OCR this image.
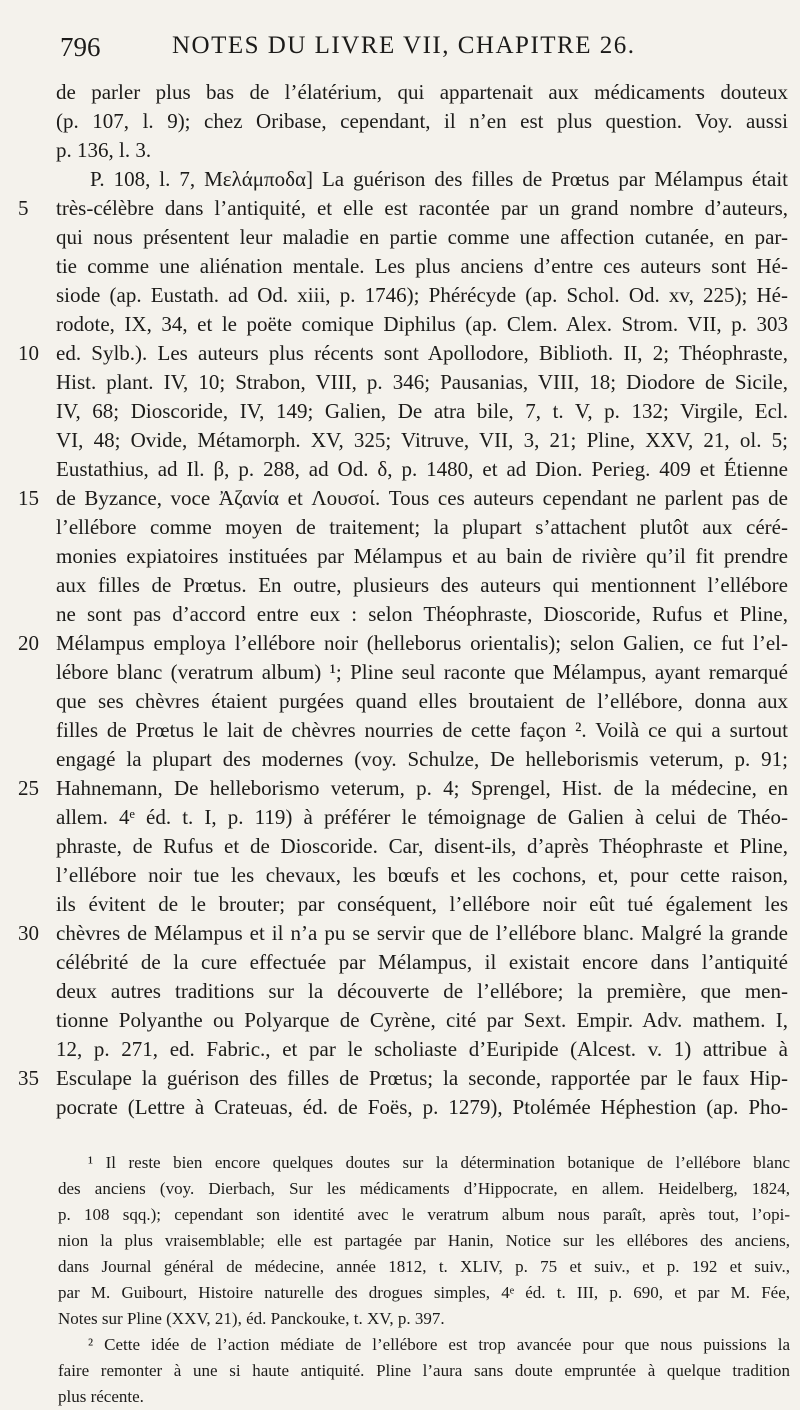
796	NOTES DU LIVRE VII, CHAPITRE 26.
de parler plus bas de l’élatérium, qui appartenait aux médicaments douteux
(p. 107, l. 9); chez Oribase, cependant, il n’en est plus question. Voy. aussi
p. 136, l. 3.
P. 108, l. 7, Μελάμποδα] La guérison des filles de Prœtus par Mélampus était
très-célèbre dans l’antiquité, et elle est racontée par un grand nombre d’auteurs,
qui nous présentent leur maladie en partie comme une affection cutanée, en par-
tie comme une aliénation mentale. Les plus anciens d’entre ces auteurs sont Hé-
siode (ap. Eustath. ad Od. xiii, p. 1746); Phérécyde (ap. Schol. Od. xv, 225); Hé-
rodote, IX, 34, et le poëte comique Diphilus (ap. Clem. Alex. Strom. VII, p. 303
ed. Sylb.). Les auteurs plus récents sont Apollodore, Biblioth. II, 2; Théophraste,
Hist. plant. IV, 10; Strabon, VIII, p. 346; Pausanias, VIII, 18; Diodore de Sicile,
IV, 68; Dioscoride, IV, 149; Galien, De atra bile, 7, t. V, p. 132; Virgile, Ecl.
VI, 48; Ovide, Métamorph. XV, 325; Vitruve, VII, 3, 21; Pline, XXV, 21, ol. 5;
Eustathius, ad Il. β, p. 288, ad Od. δ, p. 1480, et ad Dion. Perieg. 409 et Étienne
de Byzance, voce Ἀζανία et Λουσοί. Tous ces auteurs cependant ne parlent pas de
l’ellébore comme moyen de traitement; la plupart s’attachent plutôt aux céré-
monies expiatoires instituées par Mélampus et au bain de rivière qu’il fit prendre
aux filles de Prœtus. En outre, plusieurs des auteurs qui mentionnent l’ellébore
ne sont pas d’accord entre eux : selon Théophraste, Dioscoride, Rufus et Pline,
Mélampus employa l’ellébore noir (helleborus orientalis); selon Galien, ce fut l’el-
lébore blanc (veratrum album) ¹; Pline seul raconte que Mélampus, ayant remarqué
que ses chèvres étaient purgées quand elles broutaient de l’ellébore, donna aux
filles de Prœtus le lait de chèvres nourries de cette façon ². Voilà ce qui a surtout
engagé la plupart des modernes (voy. Schulze, De helleborismis veterum, p. 91;
Hahnemann, De helleborismo veterum, p. 4; Sprengel, Hist. de la médecine, en
allem. 4ᵉ éd. t. I, p. 119) à préférer le témoignage de Galien à celui de Théo-
phraste, de Rufus et de Dioscoride. Car, disent-ils, d’après Théophraste et Pline,
l’ellébore noir tue les chevaux, les bœufs et les cochons, et, pour cette raison,
ils évitent de le brouter; par conséquent, l’ellébore noir eût tué également les
chèvres de Mélampus et il n’a pu se servir que de l’ellébore blanc. Malgré la grande
célébrité de la cure effectuée par Mélampus, il existait encore dans l’antiquité
deux autres traditions sur la découverte de l’ellébore; la première, que men-
tionne Polyanthe ou Polyarque de Cyrène, cité par Sext. Empir. Adv. mathem. I,
12, p. 271, ed. Fabric., et par le scholiaste d’Euripide (Alcest. v. 1) attribue à
Esculape la guérison des filles de Prœtus; la seconde, rapportée par le faux Hip-
pocrate (Lettre à Crateuas, éd. de Foës, p. 1279), Ptolémée Héphestion (ap. Pho-
5
10
15
20
25
30
35
¹ Il reste bien encore quelques doutes sur la détermination botanique de l’ellébore blanc
des anciens (voy. Dierbach, Sur les médicaments d’Hippocrate, en allem. Heidelberg, 1824,
p. 108 sqq.); cependant son identité avec le veratrum album nous paraît, après tout, l’opi-
nion la plus vraisemblable; elle est partagée par Hanin, Notice sur les ellébores des anciens,
dans Journal général de médecine, année 1812, t. XLIV, p. 75 et suiv., et p. 192 et suiv.,
par M. Guibourt, Histoire naturelle des drogues simples, 4ᵉ éd. t. III, p. 690, et par M. Fée,
Notes sur Pline (XXV, 21), éd. Panckouke, t. XV, p. 397.
² Cette idée de l’action médiate de l’ellébore est trop avancée pour que nous puissions la
faire remonter à une si haute antiquité. Pline l’aura sans doute empruntée à quelque tradition
plus récente.
